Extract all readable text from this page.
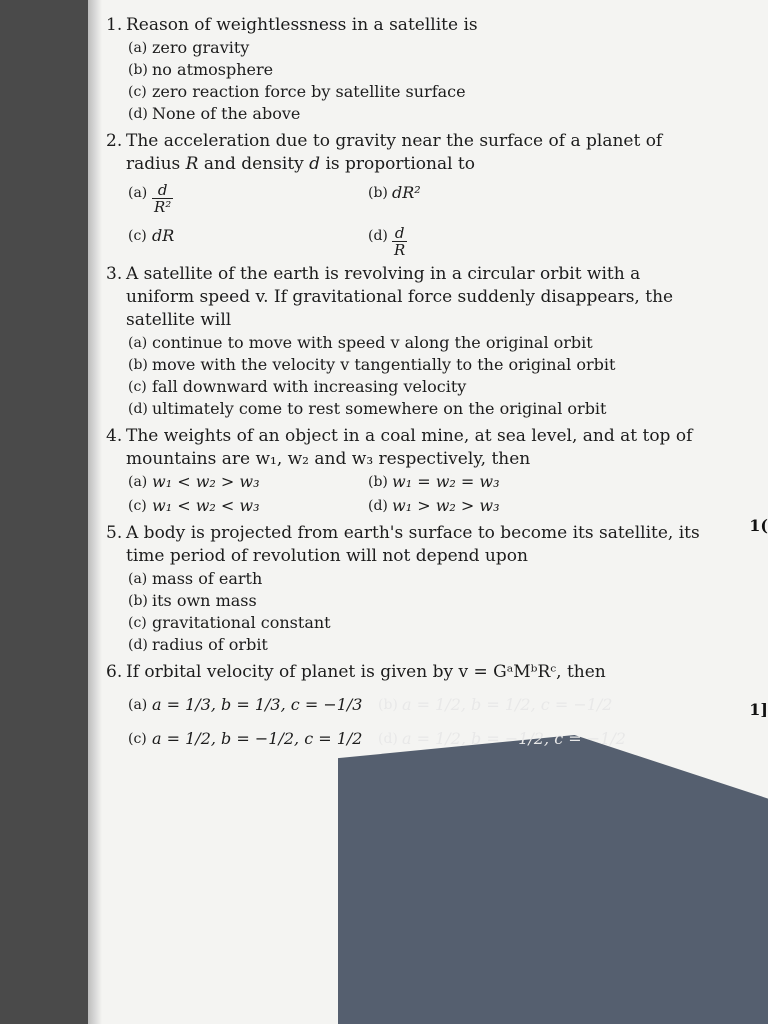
1(
1]
1. Reason of weightlessness in a satellite is
(a) zero gravity
(b) no atmosphere
(c) zero reaction force by satellite surface
(d) None of the above
2. The acceleration due to gravity near the surface of a planet of radius R and density d is proportional to
$(a) \frac{d}{\text{R²}}$	(b) dR²
(c) dR	$(d) \frac{d}{R}$
3. A satellite of the earth is revolving in a circular orbit with a uniform speed v. If gravitational force suddenly disappears, the satellite will
(a) continue to move with speed v along the original orbit
(b) move with the velocity v tangentially to the original orbit
(c) fall downward with increasing velocity
(d) ultimately come to rest somewhere on the original orbit
4. The weights of an object in a coal mine, at sea level, and at top of mountains are w₁, w₂ and w₃ respectively, then
(a) w₁ < w₂ > w₃	(b) w₁ = w₂ = w₃
(c) w₁ < w₂ < w₃	(d) w₁ > w₂ > w₃
5. A body is projected from earth's surface to become its satellite, its time period of revolution will not depend upon
(a) mass of earth
(b) its own mass
(c) gravitational constant
(d) radius of orbit
6. If orbital velocity of planet is given by v = GᵃMᵇRᶜ, then
(a) a = 1/3, b = 1/3, c = −1/3 (b) a = 1/2, b = 1/2, c = −1/2
(c) a = 1/2, b = −1/2, c = 1/2 (d) a = 1/2, b = −1/2, c = −1/2
